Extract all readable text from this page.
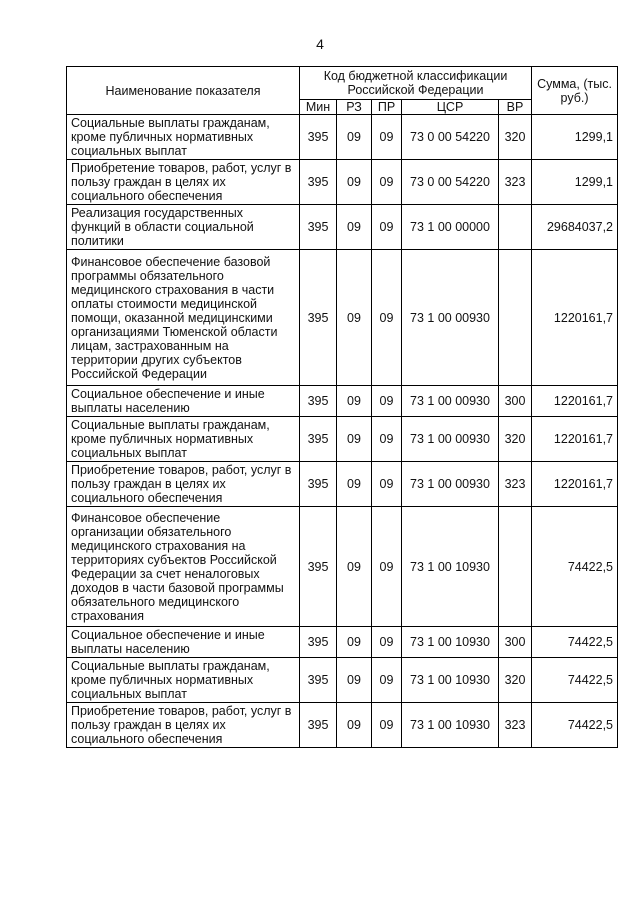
4
Наименование показателя	Код бюджетной классификации Российской Федерации					Сумма, (тыс. руб.)
	Мин	РЗ	ПР	ЦСР	ВР	
Социальные выплаты гражданам, кроме публичных нормативных социальных выплат	395	09	09	73 0 00 54220	320	1299,1
Приобретение товаров, работ, услуг в пользу граждан в целях их социального обеспечения	395	09	09	73 0 00 54220	323	1299,1
Реализация государственных функций в области социальной политики	395	09	09	73 1 00 00000		29684037,2
Финансовое обеспечение базовой программы обязательного медицинского страхования в части оплаты стоимости медицинской помощи, оказанной медицинскими организациями Тюменской области лицам, застрахованным на территории других субъектов Российской Федерации	395	09	09	73 1 00 00930		1220161,7
Социальное обеспечение и иные выплаты населению	395	09	09	73 1 00 00930	300	1220161,7
Социальные выплаты гражданам, кроме публичных нормативных социальных выплат	395	09	09	73 1 00 00930	320	1220161,7
Приобретение товаров, работ, услуг в пользу граждан в целях их социального обеспечения	395	09	09	73 1 00 00930	323	1220161,7
Финансовое обеспечение организации обязательного медицинского страхования на территориях субъектов Российской Федерации за счет неналоговых доходов в части базовой программы обязательного медицинского страхования	395	09	09	73 1 00 10930		74422,5
Социальное обеспечение и иные выплаты населению	395	09	09	73 1 00 10930	300	74422,5
Социальные выплаты гражданам, кроме публичных нормативных социальных выплат	395	09	09	73 1 00 10930	320	74422,5
Приобретение товаров, работ, услуг в пользу граждан в целях их социального обеспечения	395	09	09	73 1 00 10930	323	74422,5
